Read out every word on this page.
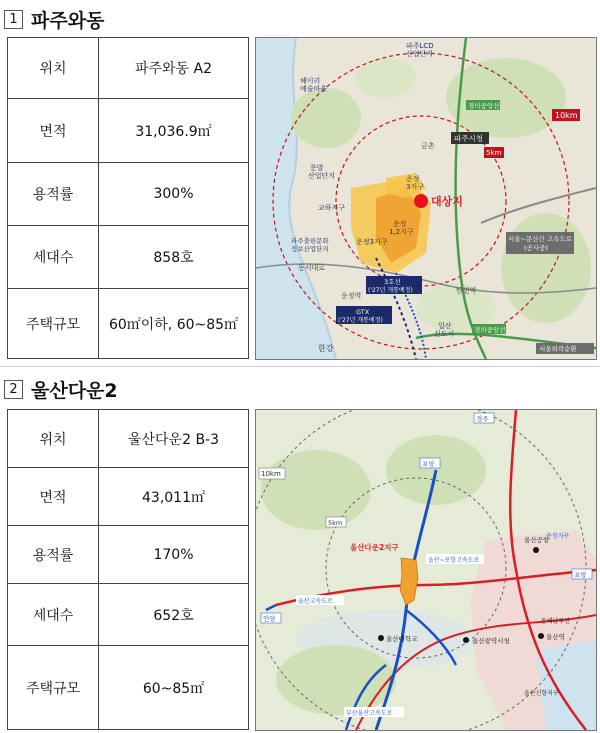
1 파주와동
위치	파주와동 A2
면적	31,036.9㎡
용적률	300%
세대수	858호
주택규모	60㎡이하, 60~85㎡
대상지
10km
5km
파주시청
서울~문산간 고속도로
(공사중)
경의중앙선
경의중앙선
운정
3지구
운정
1,2지구
교하지구
운정3지구
문발
산업단지
파주출판문화
정보산업단지
헤이리
예술마을
파주LCD
산업단지
3호선
('27년 개통예정)
GTX
('27년 개통예정)
일산
신도시
서울외곽순환
동서대로
금촌
운정역
탄현역
한강
2 울산다운2
위치	울산다운2 B-3
면적	43,011㎡
용적률	170%
세대수	652호
주택규모	60~85㎡
10km
5km
울산다운2지구
울산~포항고속도로
울산고속도로
부산울산고속도로
울산공항
울산대학교	울산광역시청	울산역
송정지구
동해남부선
울산신항지구
경주
포항
포항
언양
